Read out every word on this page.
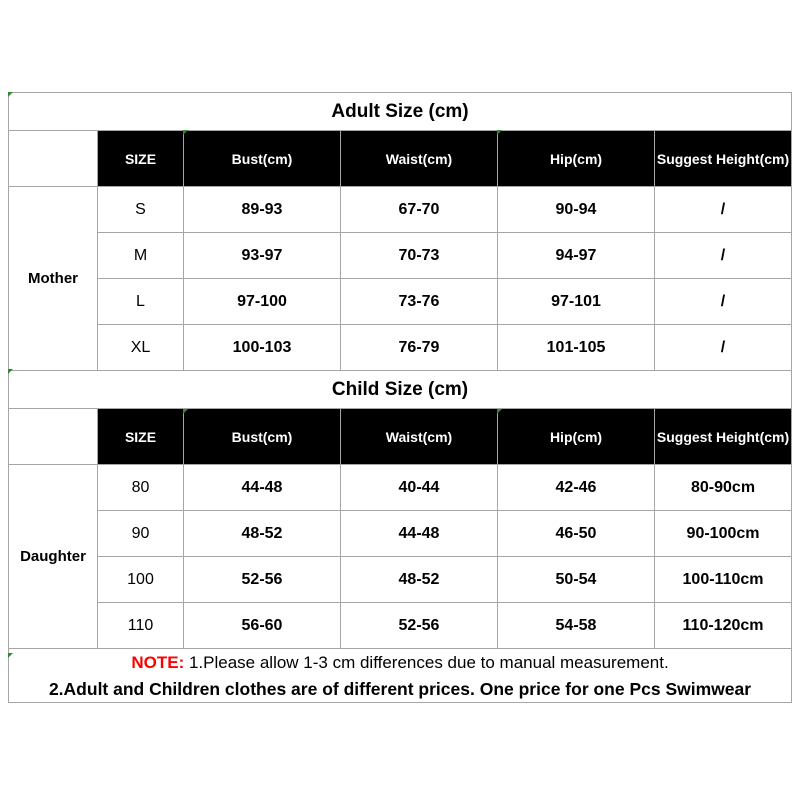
Adult Size (cm)					
	SIZE	Bust(cm)	Waist(cm)	Hip(cm)	Suggest Height(cm)
Mother	S	89-93	67-70	90-94	/
	M	93-97	70-73	94-97	/
	L	97-100	73-76	97-101	/
	XL	100-103	76-79	101-105	/
Child Size (cm)					
	SIZE	Bust(cm)	Waist(cm)	Hip(cm)	Suggest Height(cm)
Daughter	80	44-48	40-44	42-46	80-90cm
	90	48-52	44-48	46-50	90-100cm
	100	52-56	48-52	50-54	100-110cm
	110	56-60	52-56	54-58	110-120cm

NOTE: 1.Please allow 1-3 cm differences due to manual measurement.
2.Adult and Children clothes are of different prices. One price for one Pcs Swimwear					
